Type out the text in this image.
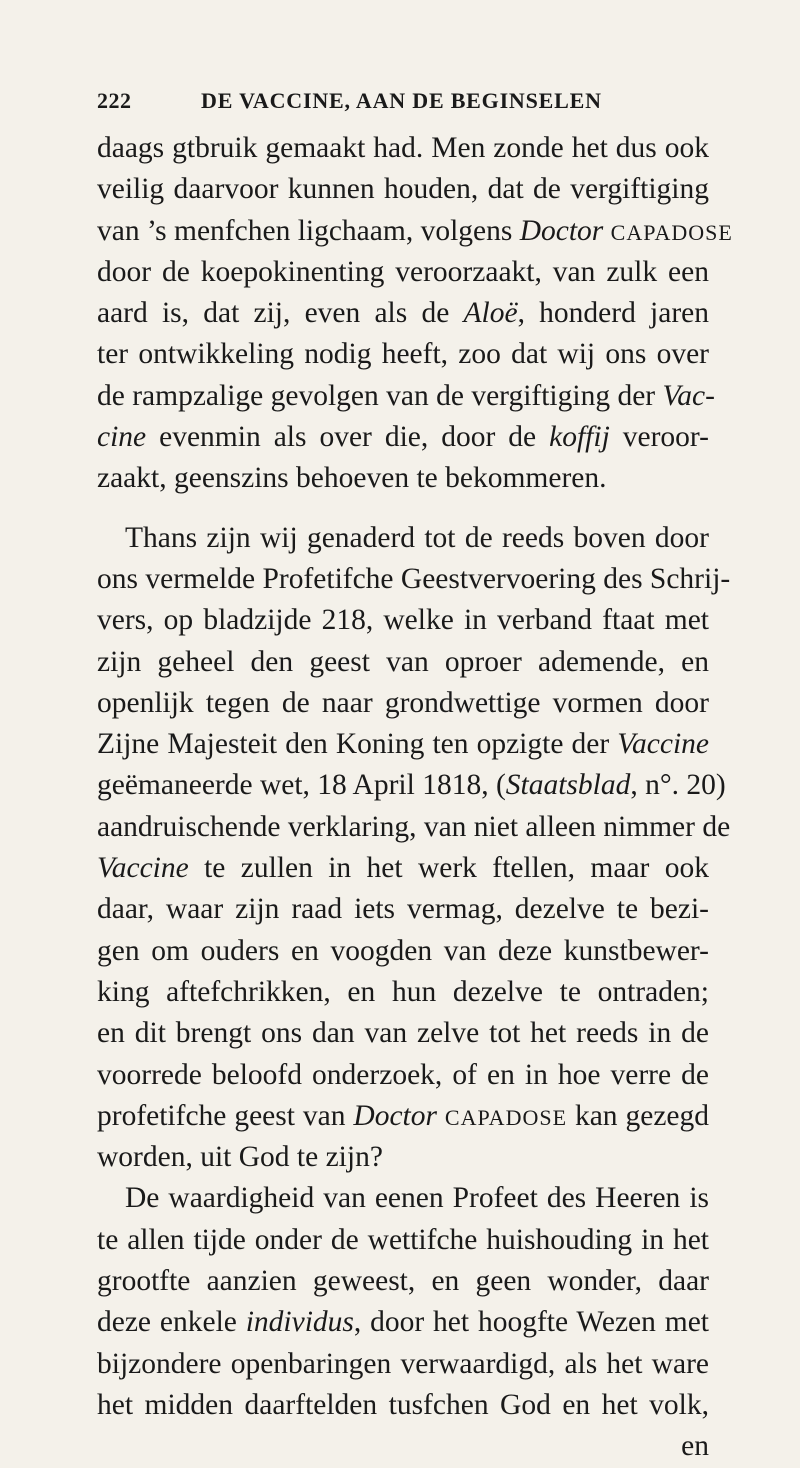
222	DE VACCINE, AAN DE BEGINSELEN
daags gtbruik gemaakt had. Men zonde het dus ook
veilig daarvoor kunnen houden, dat de vergiftiging
van ’s menfchen ligchaam, volgens Doctor CAPADOSE
door de koepokinenting veroorzaakt, van zulk een
aard is, dat zij, even als de Aloë, honderd jaren
ter ontwikkeling nodig heeft, zoo dat wij ons over
de rampzalige gevolgen van de vergiftiging der Vac-
cine evenmin als over die, door de koffij veroor-
zaakt, geenszins behoeven te bekommeren.
Thans zijn wij genaderd tot de reeds boven door
ons vermelde Profetifche Geestvervoering des Schrij-
vers, op bladzijde 218, welke in verband ftaat met
zijn geheel den geest van oproer ademende, en
openlijk tegen de naar grondwettige vormen door
Zijne Majesteit den Koning ten opzigte der Vaccine
geëmaneerde wet, 18 April 1818, (Staatsblad, n°. 20)
aandruischende verklaring, van niet alleen nimmer de
Vaccine te zullen in het werk ftellen, maar ook
daar, waar zijn raad iets vermag, dezelve te bezi-
gen om ouders en voogden van deze kunstbewer-
king aftefchrikken, en hun dezelve te ontraden;
en dit brengt ons dan van zelve tot het reeds in de
voorrede beloofd onderzoek, of en in hoe verre de
profetifche geest van Doctor CAPADOSE kan gezegd
worden, uit God te zijn?
De waardigheid van eenen Profeet des Heeren is
te allen tijde onder de wettifche huishouding in het
grootfte aanzien geweest, en geen wonder, daar
deze enkele individus, door het hoogfte Wezen met
bijzondere openbaringen verwaardigd, als het ware
het midden daarftelden tusfchen God en het volk,
en
